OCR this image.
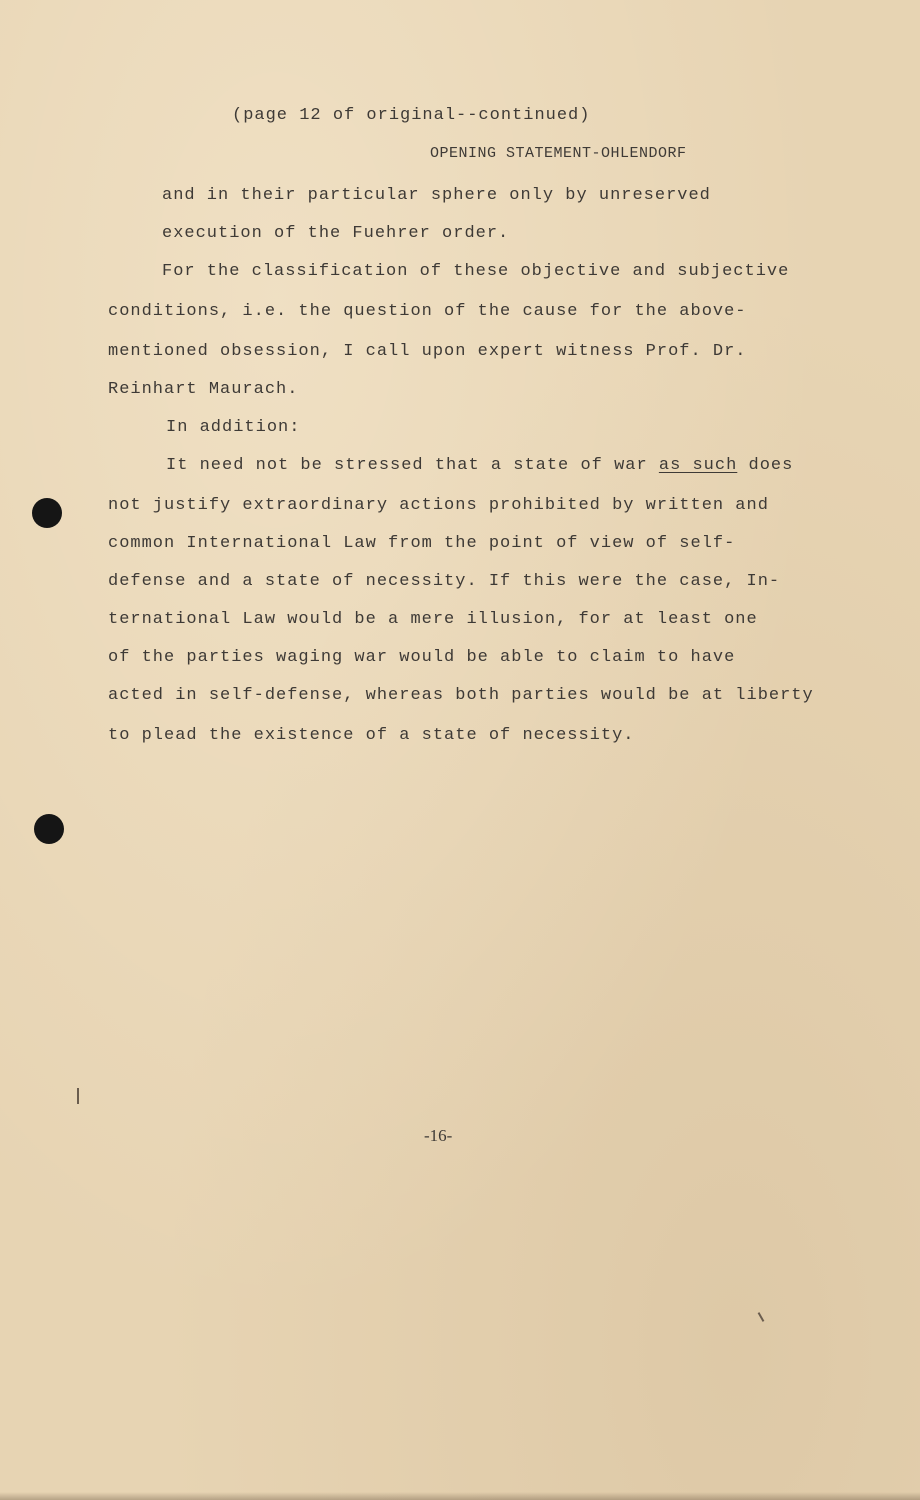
(page 12 of original--continued)
OPENING STATEMENT-OHLENDORF
and in their particular sphere only by unreserved
execution of the Fuehrer order.
For the classification of these objective and subjective
conditions, i.e. the question of the cause for the above-
mentioned obsession, I call upon expert witness Prof. Dr.
Reinhart Maurach.
In addition:
It need not be stressed that a state of war as such does
not justify extraordinary actions prohibited by written and
common International Law from the point of view of self-
defense and a state of necessity. If this were the case, In-
ternational Law would be a mere illusion, for at least one
of the parties waging war would be able to claim to have
acted in self-defense, whereas both parties would be at liberty
to plead the existence of a state of necessity.
-16-
